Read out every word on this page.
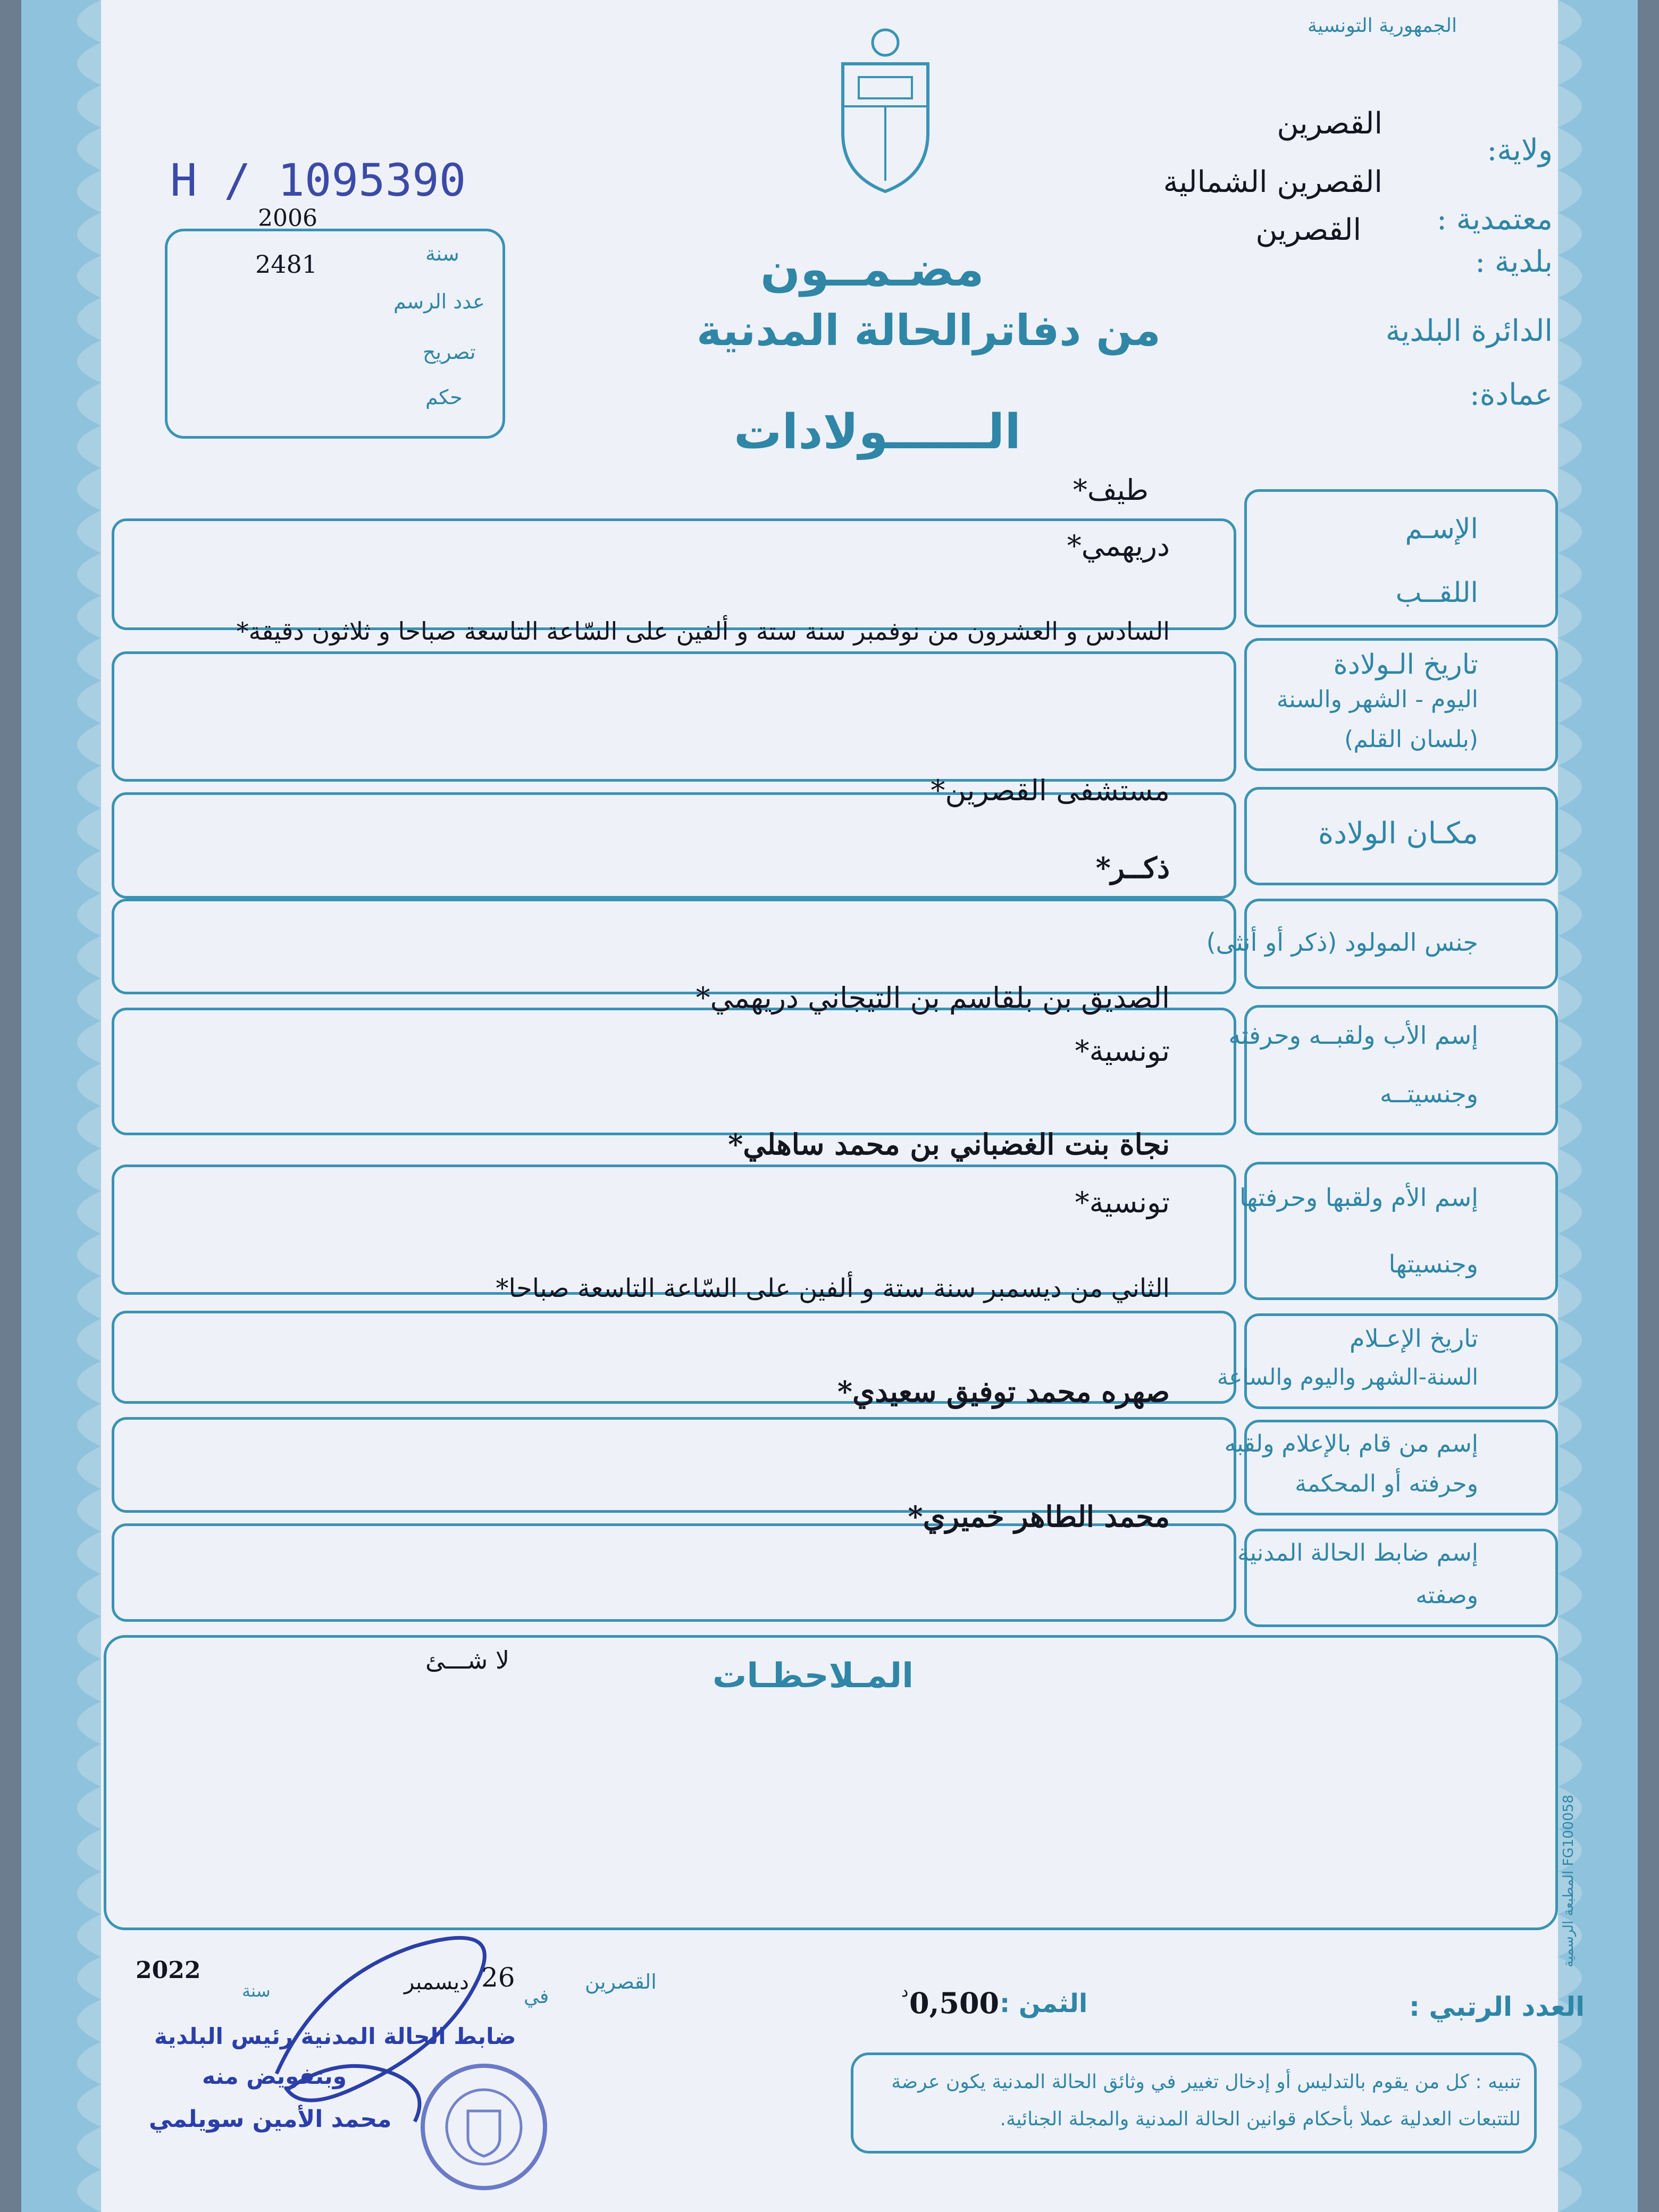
الجمهورية التونسية
ولاية:
القصرين
معتمدية :
القصرين الشمالية
بلدية :
القصرين
الدائرة البلدية
عمادة:
H / 1095390
2006
سنة
2481
عدد الرسم
تصريح
حكم
مضـمــون
من دفاترالحالة المدنية
الــــــولادات
الإسـم
اللقــب
طيف*
دريهمي*
تاريخ الـولادة
اليوم - الشهر والسنة
(بلسان القلم)
السادس و العشرون من نوفمبر سنة ستة و ألفين على السّاعة التاسعة صباحا و ثلاثون دقيقة*
مكـان الولادة
مستشفى القصرين*
جنس المولود (ذكر أو أنثى)
ذكــر*
إسم الأب ولقبــه وحرفته
وجنسيتــه
الصديق بن بلقاسم بن التيجاني دريهمي*
تونسية*
إسم الأم ولقبها وحرفتها
وجنسيتها
نجاة بنت الغضباني بن محمد ساهلي*
تونسية*
تاريخ الإعـلام
السنة-الشهر واليوم والساعة
الثاني من ديسمبر سنة ستة و ألفين على السّاعة التاسعة صباحا*
إسم من قام بالإعلام ولقبه
وحرفته أو المحكمة
صهره محمد توفيق سعيدي*
إسم ضابط الحالة المدنية
وصفته
محمد الطاهر خميري*
المـلاحظـات
لا شـــئ
المطبعة الرسمية FG100058
القصرين
في
26
ديسمبر
سنة
2022
الثمن :
0,500
د	العدد الرتبي :
تنبيه : كل من يقوم بالتدليس أو إدخال تغيير في وثائق الحالة المدنية يكون عرضة
للتتبعات العدلية عملا بأحكام قوانين الحالة المدنية والمجلة الجنائية.
ضابط الحالة المدنية رئيس البلدية
وبتفويض منه
محمد الأمين سويلمي
